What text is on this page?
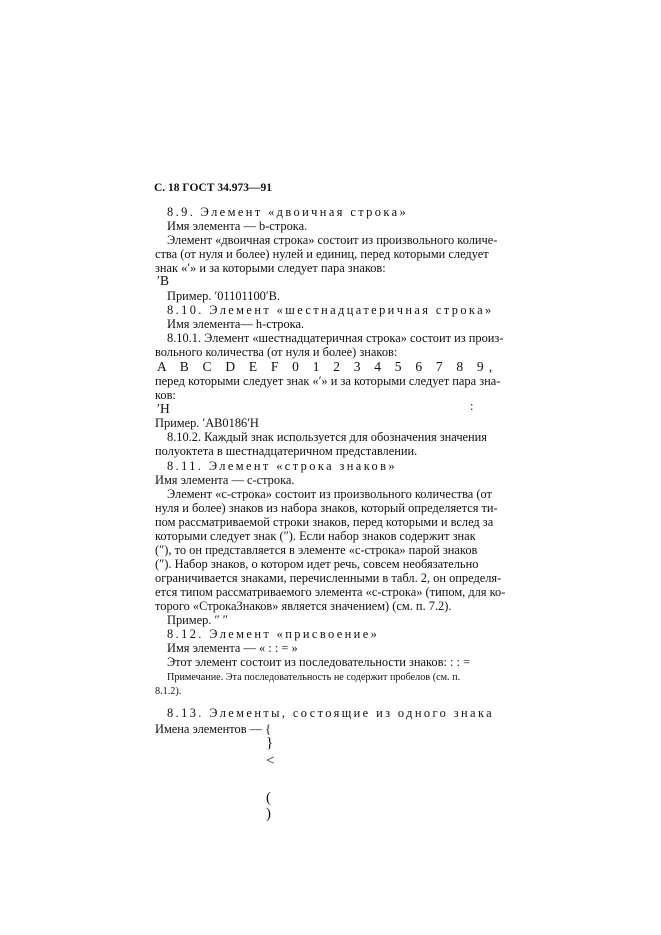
С. 18 ГОСТ 34.973—91
8.9. Элемент «двоичная строка»
Имя элемента — b-строка.
Элемент «двоичная строка» состоит из произвольного количе-
ства (от нуля и более) нулей и единиц, перед которыми следует
знак «′» и за которыми следует пара знаков:
′B
Пример. ′01101100′B.
8.10. Элемент «шестнадцатеричная строка»
Имя элемента— h-строка.
8.10.1. Элемент «шестнадцатеричная строка» состоит из произ-
вольного количества (от нуля и более) знаков:
A B C D E F 0 1 2 3 4 5 6 7 8 9,
перед которыми следует знак «′» и за которыми следует пара зна-
ков:
′H	:
Пример. ′AB0186′H
8.10.2. Каждый знак используется для обозначения значения
полуоктета в шестнадцатеричном представлении.
8.11. Элемент «строка знаков»
Имя элемента — c-строка.
Элемент «с-строка» состоит из произвольного количества (от
нуля и более) знаков из набора знаков, который определяется ти-
пом рассматриваемой строки знаков, перед которыми и вслед за
которыми следует знак (″). Если набор знаков содержит знак
(″), то он представляется в элементе «с-строка» парой знаков
(″). Набор знаков, о котором идет речь, совсем необязательно
ограничивается знаками, перечисленными в табл. 2, он определя-
ется типом рассматриваемого элемента «с-строка» (типом, для ко-
торого «СтрокаЗнаков» является значением) (см. п. 7.2).
Пример. ″ ″
8.12. Элемент «присвоение»
Имя элемента — « : : = »
Этот элемент состоит из последовательности знаков: : : =
Примечание. Эта последовательность не содержит пробелов (см. п.
8.1.2).
8.13. Элементы, состоящие из одного знака
Имена элементов — {
}
<
(
)
